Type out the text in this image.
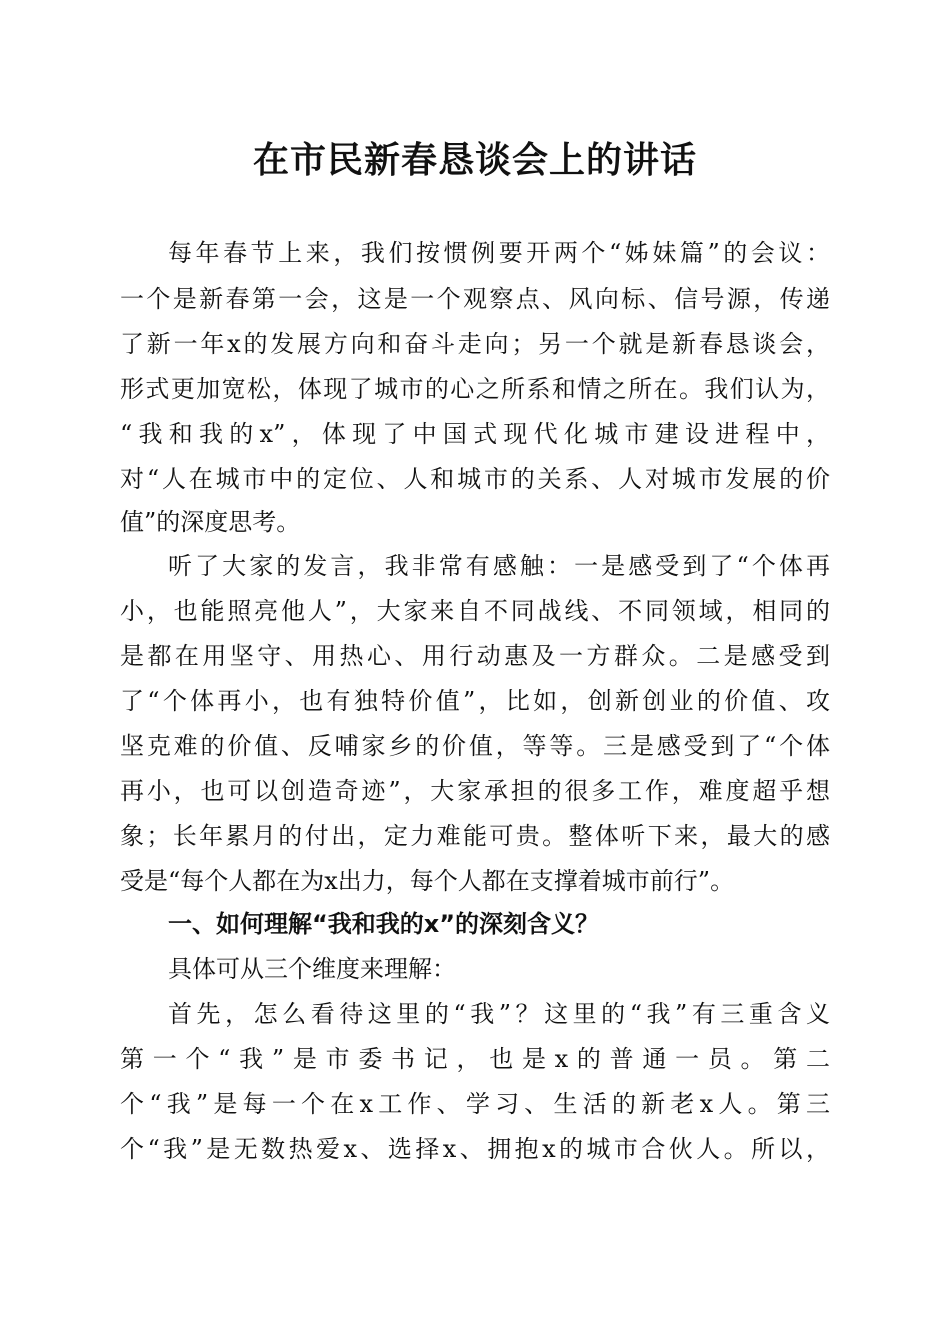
在市民新春恳谈会上的讲话
每年春节上来，我们按惯例要开两个“姊妹篇”的会议：
一个是新春第一会，这是一个观察点、风向标、信号源，传递
了新一年x的发展方向和奋斗走向；另一个就是新春恳谈会，
形式更加宽松，体现了城市的心之所系和情之所在。我们认为，
“我和我的x”，体现了中国式现代化城市建设进程中，
对“人在城市中的定位、人和城市的关系、人对城市发展的价
值”的深度思考。
听了大家的发言，我非常有感触：一是感受到了“个体再
小，也能照亮他人”，大家来自不同战线、不同领域，相同的
是都在用坚守、用热心、用行动惠及一方群众。二是感受到
了“个体再小，也有独特价值”，比如，创新创业的价值、攻
坚克难的价值、反哺家乡的价值，等等。三是感受到了“个体
再小，也可以创造奇迹”，大家承担的很多工作，难度超乎想
象；长年累月的付出，定力难能可贵。整体听下来，最大的感
受是“每个人都在为x出力，每个人都在支撑着城市前行”。
一、如何理解“我和我的x”的深刻含义？
具体可从三个维度来理解：
首先，怎么看待这里的“我”？这里的“我”有三重含义
第一个“我”是市委书记，也是x的普通一员。第二
个“我”是每一个在x工作、学习、生活的新老x人。第三
个“我”是无数热爱x、选择x、拥抱x的城市合伙人。所以，
